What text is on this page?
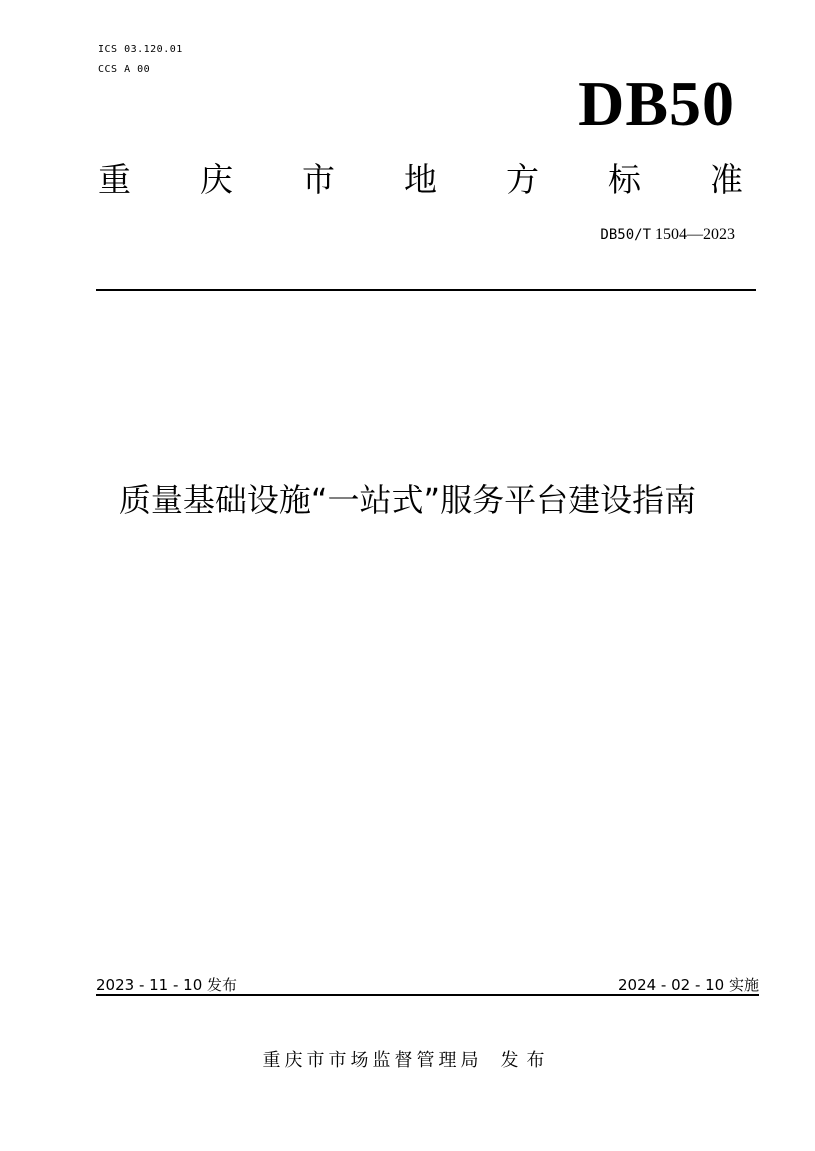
ICS 03.120.01
CCS A 00	DB50
重 庆 市 地 方 标 准
DB50/T 1504—2023
质量基础设施“一站式”服务平台建设指南
2023 - 11 - 10 发布	2024 - 02 - 10 实施
重庆市市场监督管理局 发布
